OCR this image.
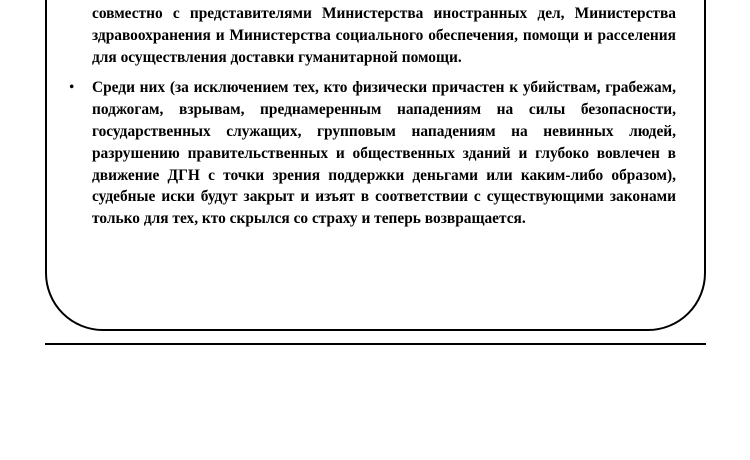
совместно с представителями Министерства иностранных дел, Министерства здравоохранения и Министерства социального обеспечения, помощи и расселения для осуществления доставки гуманитарной помощи.

• Среди них (за исключением тех, кто физически причастен к убийствам, грабежам, поджогам, взрывам, преднамеренным нападениям на силы безопасности, государственных служащих, групповым нападениям на невинных людей, разрушению правительственных и общественных зданий и глубоко вовлечен в движение ДГН с точки зрения поддержки деньгами или каким-либо образом), судебные иски будут закрыт и изъят в соответствии с существующими законами только для тех, кто скрылся со страху и теперь возвращается.
